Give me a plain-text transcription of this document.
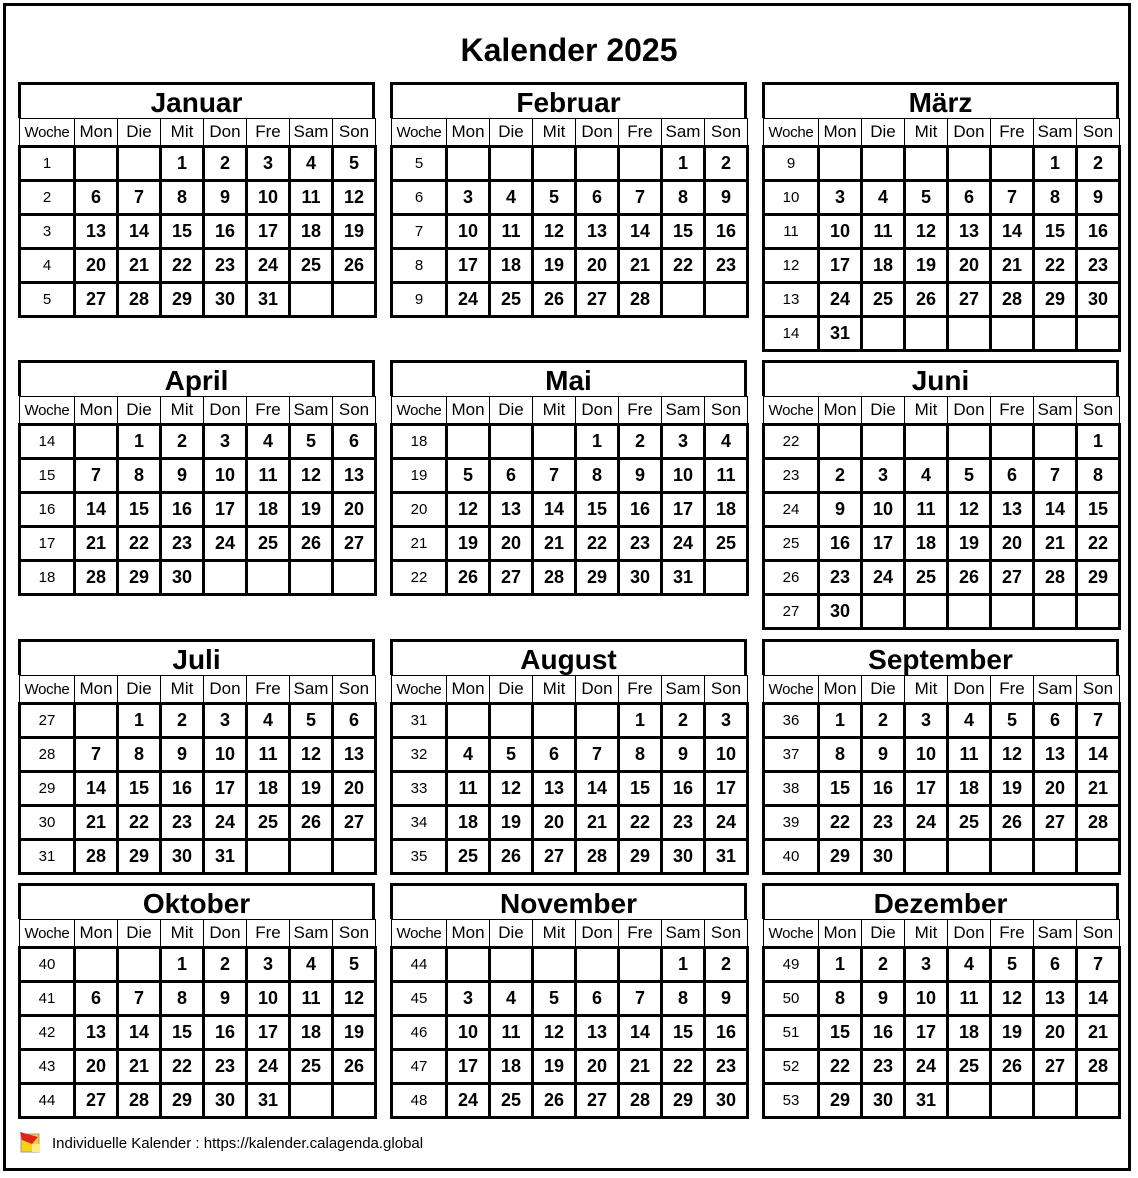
Kalender 2025
Januar
Woche	Mon	Die	Mit	Don	Fre	Sam	Son
1			1	2	3	4	5
2	6	7	8	9	10	11	12
3	13	14	15	16	17	18	19
4	20	21	22	23	24	25	26
5	27	28	29	30	31		
Februar
Woche	Mon	Die	Mit	Don	Fre	Sam	Son
5						1	2
6	3	4	5	6	7	8	9
7	10	11	12	13	14	15	16
8	17	18	19	20	21	22	23
9	24	25	26	27	28		
März
Woche	Mon	Die	Mit	Don	Fre	Sam	Son
9						1	2
10	3	4	5	6	7	8	9
11	10	11	12	13	14	15	16
12	17	18	19	20	21	22	23
13	24	25	26	27	28	29	30
14	31						
April
Woche	Mon	Die	Mit	Don	Fre	Sam	Son
14		1	2	3	4	5	6
15	7	8	9	10	11	12	13
16	14	15	16	17	18	19	20
17	21	22	23	24	25	26	27
18	28	29	30				
Mai
Woche	Mon	Die	Mit	Don	Fre	Sam	Son
18				1	2	3	4
19	5	6	7	8	9	10	11
20	12	13	14	15	16	17	18
21	19	20	21	22	23	24	25
22	26	27	28	29	30	31	
Juni
Woche	Mon	Die	Mit	Don	Fre	Sam	Son
22							1
23	2	3	4	5	6	7	8
24	9	10	11	12	13	14	15
25	16	17	18	19	20	21	22
26	23	24	25	26	27	28	29
27	30						
Juli
Woche	Mon	Die	Mit	Don	Fre	Sam	Son
27		1	2	3	4	5	6
28	7	8	9	10	11	12	13
29	14	15	16	17	18	19	20
30	21	22	23	24	25	26	27
31	28	29	30	31			
August
Woche	Mon	Die	Mit	Don	Fre	Sam	Son
31					1	2	3
32	4	5	6	7	8	9	10
33	11	12	13	14	15	16	17
34	18	19	20	21	22	23	24
35	25	26	27	28	29	30	31
September
Woche	Mon	Die	Mit	Don	Fre	Sam	Son
36	1	2	3	4	5	6	7
37	8	9	10	11	12	13	14
38	15	16	17	18	19	20	21
39	22	23	24	25	26	27	28
40	29	30					
Oktober
Woche	Mon	Die	Mit	Don	Fre	Sam	Son
40			1	2	3	4	5
41	6	7	8	9	10	11	12
42	13	14	15	16	17	18	19
43	20	21	22	23	24	25	26
44	27	28	29	30	31		
November
Woche	Mon	Die	Mit	Don	Fre	Sam	Son
44						1	2
45	3	4	5	6	7	8	9
46	10	11	12	13	14	15	16
47	17	18	19	20	21	22	23
48	24	25	26	27	28	29	30
Dezember
Woche	Mon	Die	Mit	Don	Fre	Sam	Son
49	1	2	3	4	5	6	7
50	8	9	10	11	12	13	14
51	15	16	17	18	19	20	21
52	22	23	24	25	26	27	28
53	29	30	31				
Individuelle Kalender : https://kalender.calagenda.global
